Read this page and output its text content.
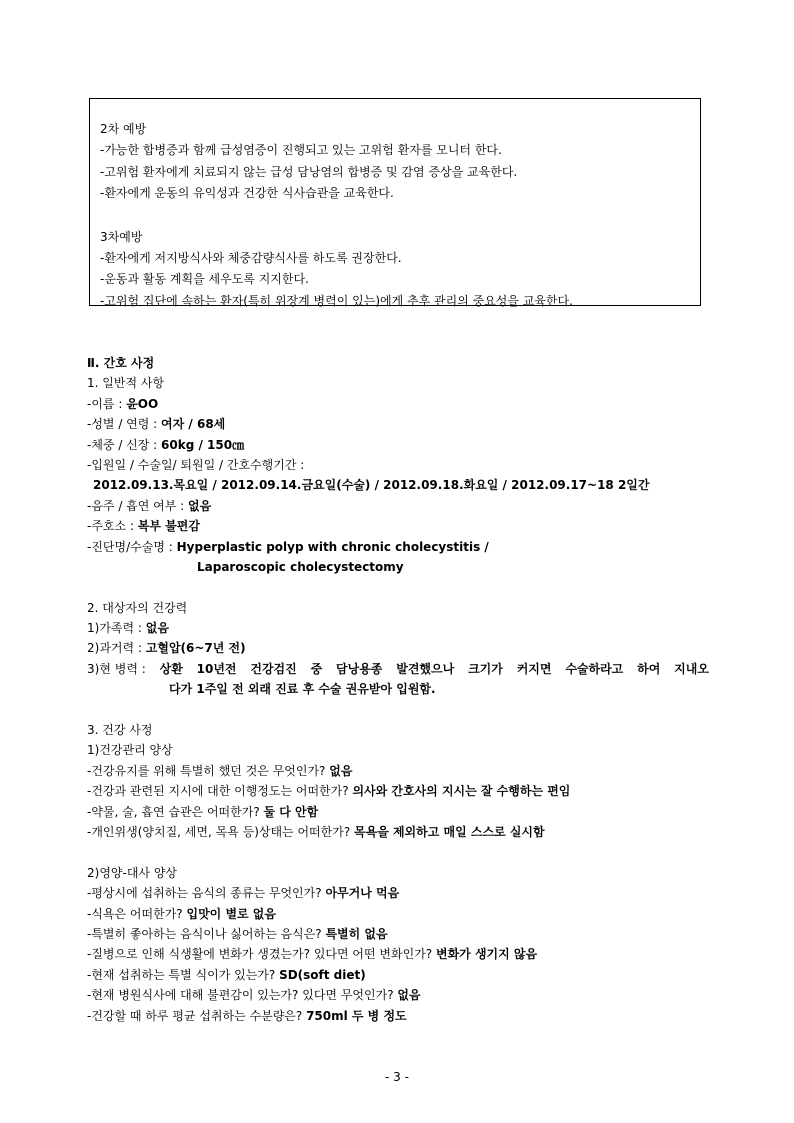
2차 예방
-가능한 합병증과 함께 급성염증이 진행되고 있는 고위험 환자를 모니터 한다.
-고위험 환자에게 치료되지 않는 급성 담낭염의 합병증 및 감염 증상을 교육한다.
-환자에게 운동의 유익성과 건강한 식사습관을 교육한다.
3차예방
-환자에게 저지방식사와 체중감량식사를 하도록 권장한다.
-운동과 활동 계획을 세우도록 지지한다.
-고위험 집단에 속하는 환자(특히 위장계 병력이 있는)에게 추후 관리의 중요성을 교육한다.
Ⅱ. 간호 사정
1. 일반적 사항
-이름 : 윤OO
-성별 / 연령 : 여자 / 68세
-체중 / 신장 : 60kg / 150㎝
-입원일 / 수술일/ 퇴원일 / 간호수행기간 :
2012.09.13.목요일 / 2012.09.14.금요일(수술) / 2012.09.18.화요일 / 2012.09.17~18 2일간
-음주 / 흡연 여부 : 없음
-주호소 : 복부 불편감
-진단명/수술명 : Hyperplastic polyp with chronic cholecystitis /
Laparoscopic cholecystectomy
2. 대상자의 건강력
1)가족력 : 없음
2)과거력 : 고혈압(6~7년 전)
3)현 병력 : 상환 10년전 건강검진 중 담낭용종 발견했으나 크기가 커지면 수술하라고 하여 지내오
다가 1주일 전 외래 진료 후 수술 권유받아 입원함.
3. 건강 사정
1)건강관리 양상
-건강유지를 위해 특별히 했던 것은 무엇인가? 없음
-건강과 관련된 지시에 대한 이행정도는 어떠한가? 의사와 간호사의 지시는 잘 수행하는 편임
-약물, 술, 흡연 습관은 어떠한가? 둘 다 안함
-개인위생(양치질, 세면, 목욕 등)상태는 어떠한가? 목욕을 제외하고 매일 스스로 실시함
2)영양-대사 양상
-평상시에 섭취하는 음식의 종류는 무엇인가? 아무거나 먹음
-식욕은 어떠한가? 입맛이 별로 없음
-특별히 좋아하는 음식이나 싫어하는 음식은? 특별히 없음
-질병으로 인해 식생활에 변화가 생겼는가? 있다면 어떤 변화인가? 변화가 생기지 않음
-현재 섭취하는 특별 식이가 있는가? SD(soft diet)
-현재 병원식사에 대해 불편감이 있는가? 있다면 무엇인가? 없음
-건강할 때 하루 평균 섭취하는 수분량은? 750ml 두 병 정도
- 3 -
